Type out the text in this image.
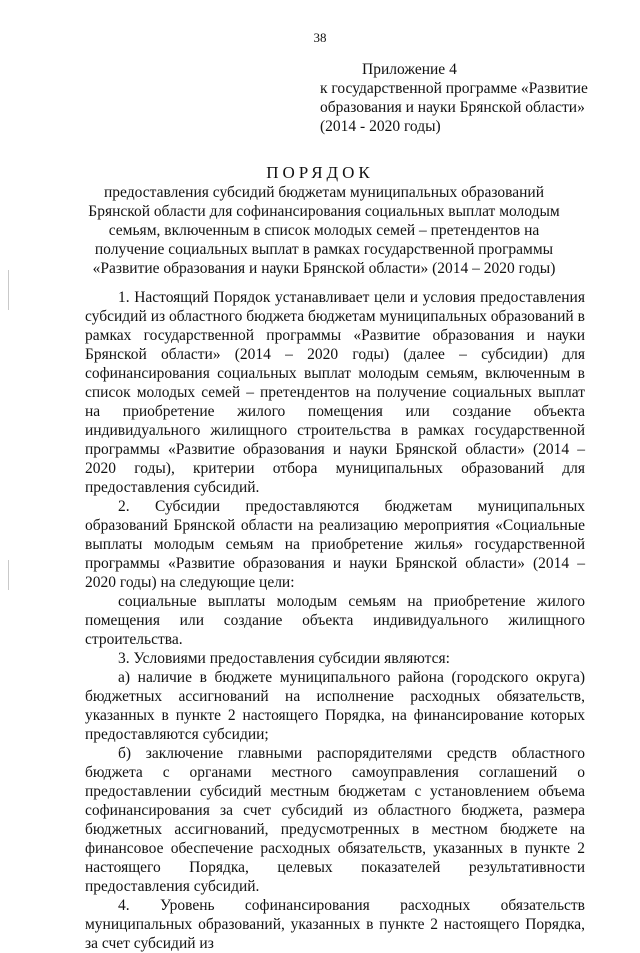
38
Приложение 4
к государственной программе «Развитие образования и науки Брянской области» (2014 - 2020 годы)
ПОРЯДОК
предоставления субсидий бюджетам муниципальных образований Брянской области для софинансирования социальных выплат молодым семьям, включенным в список молодых семей – претендентов на получение социальных выплат в рамках государственной программы «Развитие образования и науки Брянской области» (2014 – 2020 годы)

1. Настоящий Порядок устанавливает цели и условия предоставления субсидий из областного бюджета бюджетам муниципальных образований в рамках государственной программы «Развитие образования и науки Брянской области» (2014 – 2020 годы) (далее – субсидии) для софинансирования социальных выплат молодым семьям, включенным в список молодых семей – претендентов на получение социальных выплат на приобретение жилого помещения или создание объекта индивидуального жилищного строительства в рамках государственной программы «Развитие образования и науки Брянской области» (2014 – 2020 годы), критерии отбора муниципальных образований для предоставления субсидий.

2. Субсидии предоставляются бюджетам муниципальных образований Брянской области на реализацию мероприятия «Социальные выплаты молодым семьям на приобретение жилья» государственной программы «Развитие образования и науки Брянской области» (2014 – 2020 годы) на следующие цели:

социальные выплаты молодым семьям на приобретение жилого помещения или создание объекта индивидуального жилищного строительства.

3. Условиями предоставления субсидии являются:

а) наличие в бюджете муниципального района (городского округа) бюджетных ассигнований на исполнение расходных обязательств, указанных в пункте 2 настоящего Порядка, на финансирование которых предоставляются субсидии;

б) заключение главными распорядителями средств областного бюджета с органами местного самоуправления соглашений о предоставлении субсидий местным бюджетам с установлением объема софинансирования за счет субсидий из областного бюджета, размера бюджетных ассигнований, предусмотренных в местном бюджете на финансовое обеспечение расходных обязательств, указанных в пункте 2 настоящего Порядка, целевых показателей результативности предоставления субсидий.

4. Уровень софинансирования расходных обязательств муниципальных образований, указанных в пункте 2 настоящего Порядка, за счет субсидий из
